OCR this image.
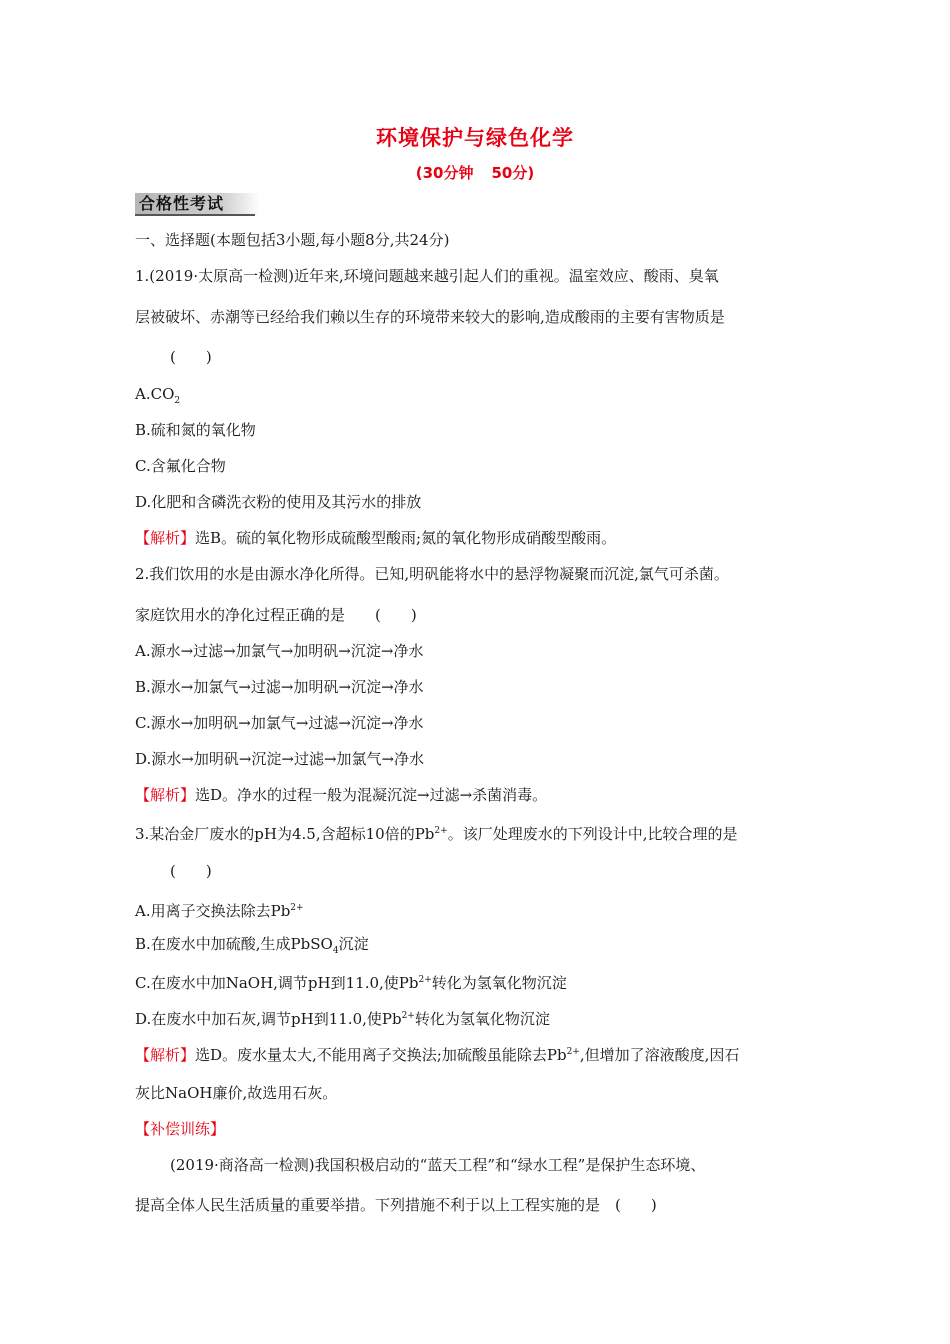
环境保护与绿色化学
(30分钟 50分)
合格性考试
一、选择题(本题包括3小题,每小题8分,共24分)
1.(2019·太原高一检测)近年来,环境问题越来越引起人们的重视。温室效应、酸雨、臭氧
层被破坏、赤潮等已经给我们赖以生存的环境带来较大的影响,造成酸雨的主要有害物质是
(　　)
$A.CO_2$
B.硫和氮的氧化物
C.含氟化合物
D.化肥和含磷洗衣粉的使用及其污水的排放
【解析】选B。硫的氧化物形成硫酸型酸雨;氮的氧化物形成硝酸型酸雨。
2.我们饮用的水是由源水净化所得。已知,明矾能将水中的悬浮物凝聚而沉淀,氯气可杀菌。
家庭饮用水的净化过程正确的是　　(　　)
A.源水→过滤→加氯气→加明矾→沉淀→净水
B.源水→加氯气→过滤→加明矾→沉淀→净水
C.源水→加明矾→加氯气→过滤→沉淀→净水
D.源水→加明矾→沉淀→过滤→加氯气→净水
【解析】选D。净水的过程一般为混凝沉淀→过滤→杀菌消毒。
3.某冶金厂废水的pH为4.5,含超标10倍的$Pb^{2+}$。该厂处理废水的下列设计中,比较合理的是
(　　)
A.用离子交换法除去$Pb^{2+}$
B.在废水中加硫酸,生成PbSO$_4$沉淀
C.在废水中加NaOH,调节pH到11.0,使$Pb^{2+}$转化为氢氧化物沉淀
D.在废水中加石灰,调节pH到11.0,使$Pb^{2+}$转化为氢氧化物沉淀
【解析】选D。废水量太大,不能用离子交换法;加硫酸虽能除去$Pb^{2+}$,但增加了溶液酸度,因石
灰比NaOH廉价,故选用石灰。
【补偿训练】
(2019·商洛高一检测)我国积极启动的“蓝天工程”和“绿水工程”是保护生态环境、
提高全体人民生活质量的重要举措。下列措施不利于以上工程实施的是　(　　)
